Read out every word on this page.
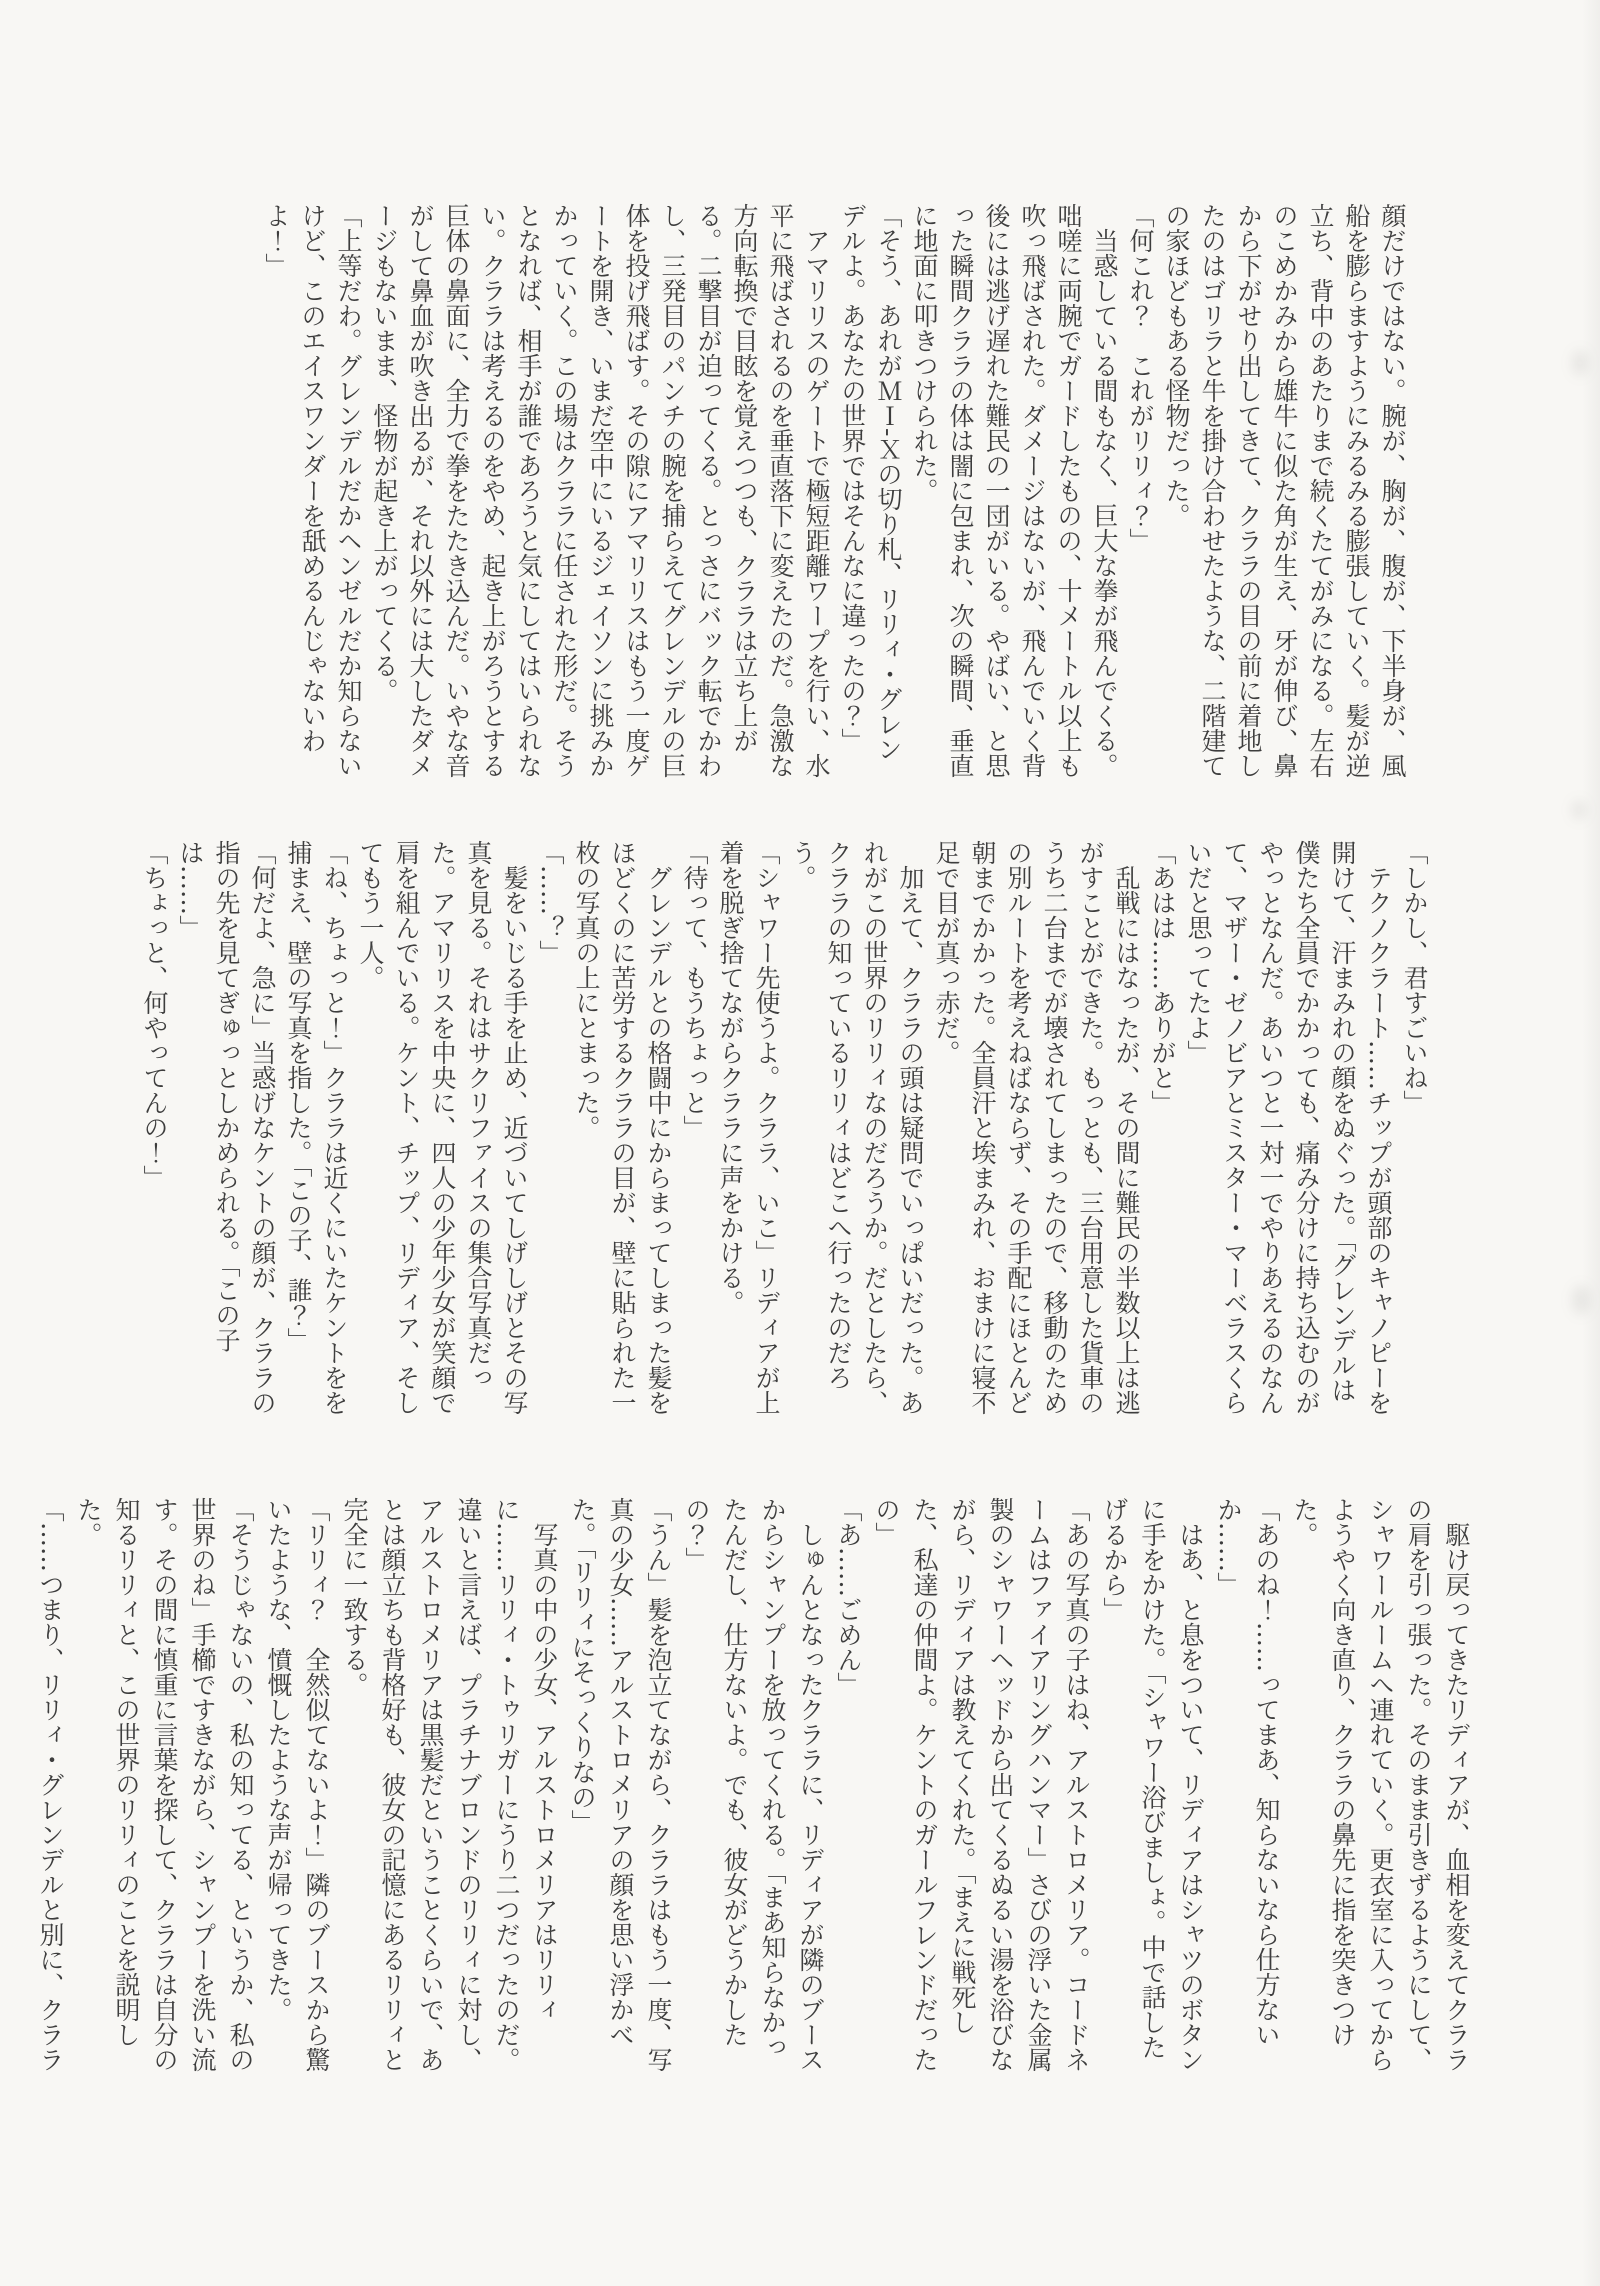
顔だけではない。腕が、胸が、腹が、下半身が、風船を膨らますようにみるみる膨張していく。髪が逆立ち、背中のあたりまで続くたてがみになる。左右のこめかみから雄牛に似た角が生え、牙が伸び、鼻から下がせり出してきて、クララの目の前に着地したのはゴリラと牛を掛け合わせたような、二階建ての家ほどもある怪物だった。

「何これ？　これがリリィ？」

当惑している間もなく、巨大な拳が飛んでくる。咄嗟に両腕でガードしたものの、十メートル以上も吹っ飛ばされた。ダメージはないが、飛んでいく背後には逃げ遅れた難民の一団がいる。やばい、と思った瞬間クララの体は闇に包まれ、次の瞬間、垂直に地面に叩きつけられた。

「そう、あれがＭＩ‐Ｘの切り札、リリィ・グレンデルよ。あなたの世界ではそんなに違ったの？」

アマリリスのゲートで極短距離ワープを行い、水平に飛ばされるのを垂直落下に変えたのだ。急激な方向転換で目眩を覚えつつも、クララは立ち上がる。二撃目が迫ってくる。とっさにバック転でかわし、三発目のパンチの腕を捕らえてグレンデルの巨体を投げ飛ばす。その隙にアマリリスはもう一度ゲートを開き、いまだ空中にいるジェイソンに挑みかかっていく。この場はクララに任された形だ。そうとなれば、相手が誰であろうと気にしてはいられない。クララは考えるのをやめ、起き上がろうとする巨体の鼻面に、全力で拳をたたき込んだ。いやな音がして鼻血が吹き出るが、それ以外には大したダメージもないまま、怪物が起き上がってくる。

「上等だわ。グレンデルだかヘンゼルだか知らないけど、このエイスワンダーを舐めるんじゃないわよ！」

「しかし、君すごいね」

テクノクラート……チップが頭部のキャノピーを開けて、汗まみれの顔をぬぐった。「グレンデルは僕たち全員でかかっても、痛み分けに持ち込むのがやっとなんだ。あいつと一対一でやりあえるのなんて、マザー・ゼノビアとミスター・マーベラスくらいだと思ってたよ」

「あはは……ありがと」

乱戦にはなったが、その間に難民の半数以上は逃がすことができた。もっとも、三台用意した貨車のうち二台までが壊されてしまったので、移動のための別ルートを考えねばならず、その手配にほとんど朝までかかった。全員汗と埃まみれ、おまけに寝不足で目が真っ赤だ。

加えて、クララの頭は疑問でいっぱいだった。あれがこの世界のリリィなのだろうか。だとしたら、クララの知っているリリィはどこへ行ったのだろう。

「シャワー先使うよ。クララ、いこ」リディアが上着を脱ぎ捨てながらクララに声をかける。

「待って、もうちょっと」

グレンデルとの格闘中にからまってしまった髪をほどくのに苦労するクララの目が、壁に貼られた一枚の写真の上にとまった。

「……？」

髪をいじる手を止め、近づいてしげしげとその写真を見る。それはサクリファイスの集合写真だった。アマリリスを中央に、四人の少年少女が笑顔で肩を組んでいる。ケント、チップ、リディア、そしてもう一人。

「ね、ちょっと！」クララは近くにいたケントをを捕まえ、壁の写真を指した。「この子、誰？」

「何だよ、急に」当惑げなケントの顔が、クララの指の先を見てぎゅっとしかめられる。「この子は……」

「ちょっと、何やってんの！」

駆け戻ってきたリディアが、血相を変えてクララの肩を引っ張った。そのまま引きずるようにして、シャワールームへ連れていく。更衣室に入ってからようやく向き直り、クララの鼻先に指を突きつけた。

「あのね！……ってまあ、知らないなら仕方ないか……」

はあ、と息をついて、リディアはシャツのボタンに手をかけた。「シャワー浴びましょ。中で話したげるから」

「あの写真の子はね、アルストロメリア。コードネームはファイアリングハンマー」さびの浮いた金属製のシャワーヘッドから出てくるぬるい湯を浴びながら、リディアは教えてくれた。「まえに戦死した、私達の仲間よ。ケントのガールフレンドだったの」

「あ……ごめん」

しゅんとなったクララに、リディアが隣のブースからシャンプーを放ってくれる。「まあ知らなかったんだし、仕方ないよ。でも、彼女がどうかしたの？」

「うん」髪を泡立てながら、クララはもう一度、写真の少女……アルストロメリアの顔を思い浮かべた。「リリィにそっくりなの」

写真の中の少女、アルストロメリアはリリィに……リリィ・トゥリガーにうり二つだったのだ。違いと言えば、プラチナブロンドのリリィに対し、アルストロメリアは黒髪だということくらいで、あとは顔立ちも背格好も、彼女の記憶にあるリリィと完全に一致する。

「リリィ？　全然似てないよ！」隣のブースから驚いたような、憤慨したような声が帰ってきた。

「そうじゃないの、私の知ってる、というか、私の世界のね」手櫛ですきながら、シャンプーを洗い流す。その間に慎重に言葉を探して、クララは自分の知るリリィと、この世界のリリィのことを説明した。

「……つまり、リリィ・グレンデルと別に、クララ
